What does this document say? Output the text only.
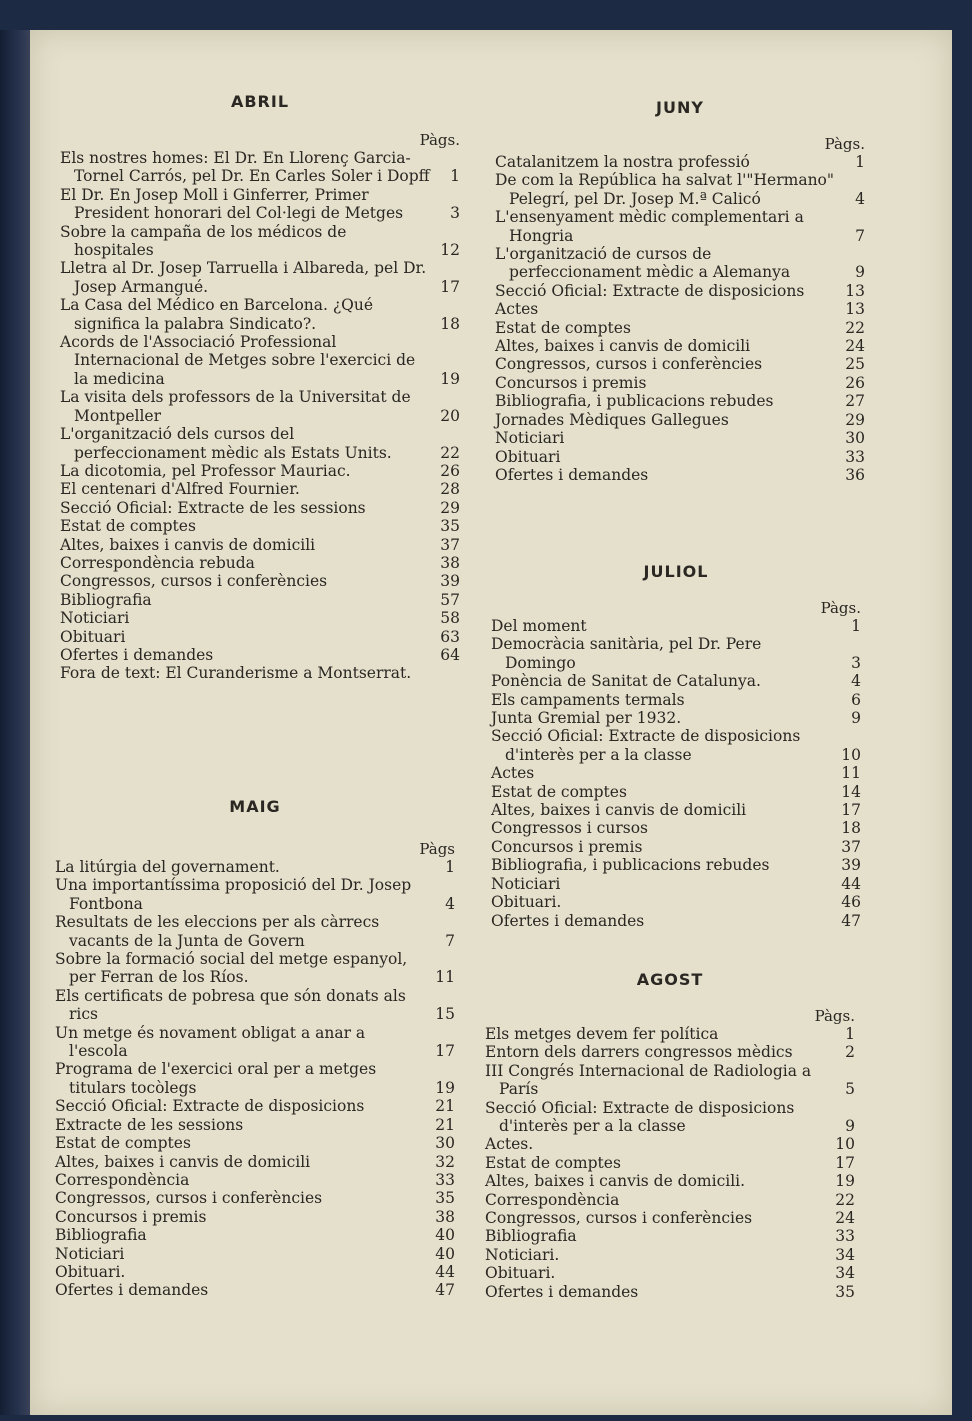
ABRIL

Pàgs.

Els nostres homes: El Dr. En Llorenç Garcia-Tornel Carrós, pel Dr. En Carles Soler i Dopff	1
El Dr. En Josep Moll i Ginferrer, Primer President honorari del Col·legi de Metges	3
Sobre la campaña de los médicos de hospitales	12
Lletra al Dr. Josep Tarruella i Albareda, pel Dr. Josep Armangué.	17
La Casa del Médico en Barcelona. ¿Qué significa la palabra Sindicato?.	18
Acords de l'Associació Professional Internacional de Metges sobre l'exercici de la medicina	19
La visita dels professors de la Universitat de Montpeller	20
L'organització dels cursos del perfeccionament mèdic als Estats Units.	22
La dicotomia, pel Professor Mauriac.	26
El centenari d'Alfred Fournier.	28
Secció Oficial: Extracte de les sessions	29
Estat de comptes	35
Altes, baixes i canvis de domicili	37
Correspondència rebuda	38
Congressos, cursos i conferències	39
Bibliografia	57
Noticiari	58
Obituari	63
Ofertes i demandes	64
Fora de text: El Curanderisme a Montserrat.
MAIG

Pàgs

La litúrgia del governament.	1
Una importantíssima proposició del Dr. Josep Fontbona	4
Resultats de les eleccions per als càrrecs vacants de la Junta de Govern	7
Sobre la formació social del metge espanyol, per Ferran de los Ríos.	11
Els certificats de pobresa que són donats als rics	15
Un metge és novament obligat a anar a l'escola	17
Programa de l'exercici oral per a metges titulars tocòlegs	19
Secció Oficial: Extracte de disposicions	21
Extracte de les sessions	21
Estat de comptes	30
Altes, baixes i canvis de domicili	32
Correspondència	33
Congressos, cursos i conferències	35
Concursos i premis	38
Bibliografia	40
Noticiari	40
Obituari.	44
Ofertes i demandes	47
JUNY

Pàgs.

Catalanitzem la nostra professió	1
De com la República ha salvat l'"Hermano" Pelegrí, pel Dr. Josep M.ª Calicó	4
L'ensenyament mèdic complementari a Hongria	7
L'organització de cursos de perfeccionament mèdic a Alemanya	9
Secció Oficial: Extracte de disposicions	13
Actes	13
Estat de comptes	22
Altes, baixes i canvis de domicili	24
Congressos, cursos i conferències	25
Concursos i premis	26
Bibliografia, i publicacions rebudes	27
Jornades Mèdiques Gallegues	29
Noticiari	30
Obituari	33
Ofertes i demandes	36
JULIOL

Pàgs.

Del moment	1
Democràcia sanitària, pel Dr. Pere Domingo	3
Ponència de Sanitat de Catalunya.	4
Els campaments termals	6
Junta Gremial per 1932.	9
Secció Oficial: Extracte de disposicions d'interès per a la classe	10
Actes	11
Estat de comptes	14
Altes, baixes i canvis de domicili	17
Congressos i cursos	18
Concursos i premis	37
Bibliografia, i publicacions rebudes	39
Noticiari	44
Obituari.	46
Ofertes i demandes	47
AGOST

Pàgs.

Els metges devem fer política	1
Entorn dels darrers congressos mèdics	2
III Congrés Internacional de Radiologia a París	5
Secció Oficial: Extracte de disposicions d'interès per a la classe	9
Actes.	10
Estat de comptes	17
Altes, baixes i canvis de domicili.	19
Correspondència	22
Congressos, cursos i conferències	24
Bibliografia	33
Noticiari.	34
Obituari.	34
Ofertes i demandes	35
